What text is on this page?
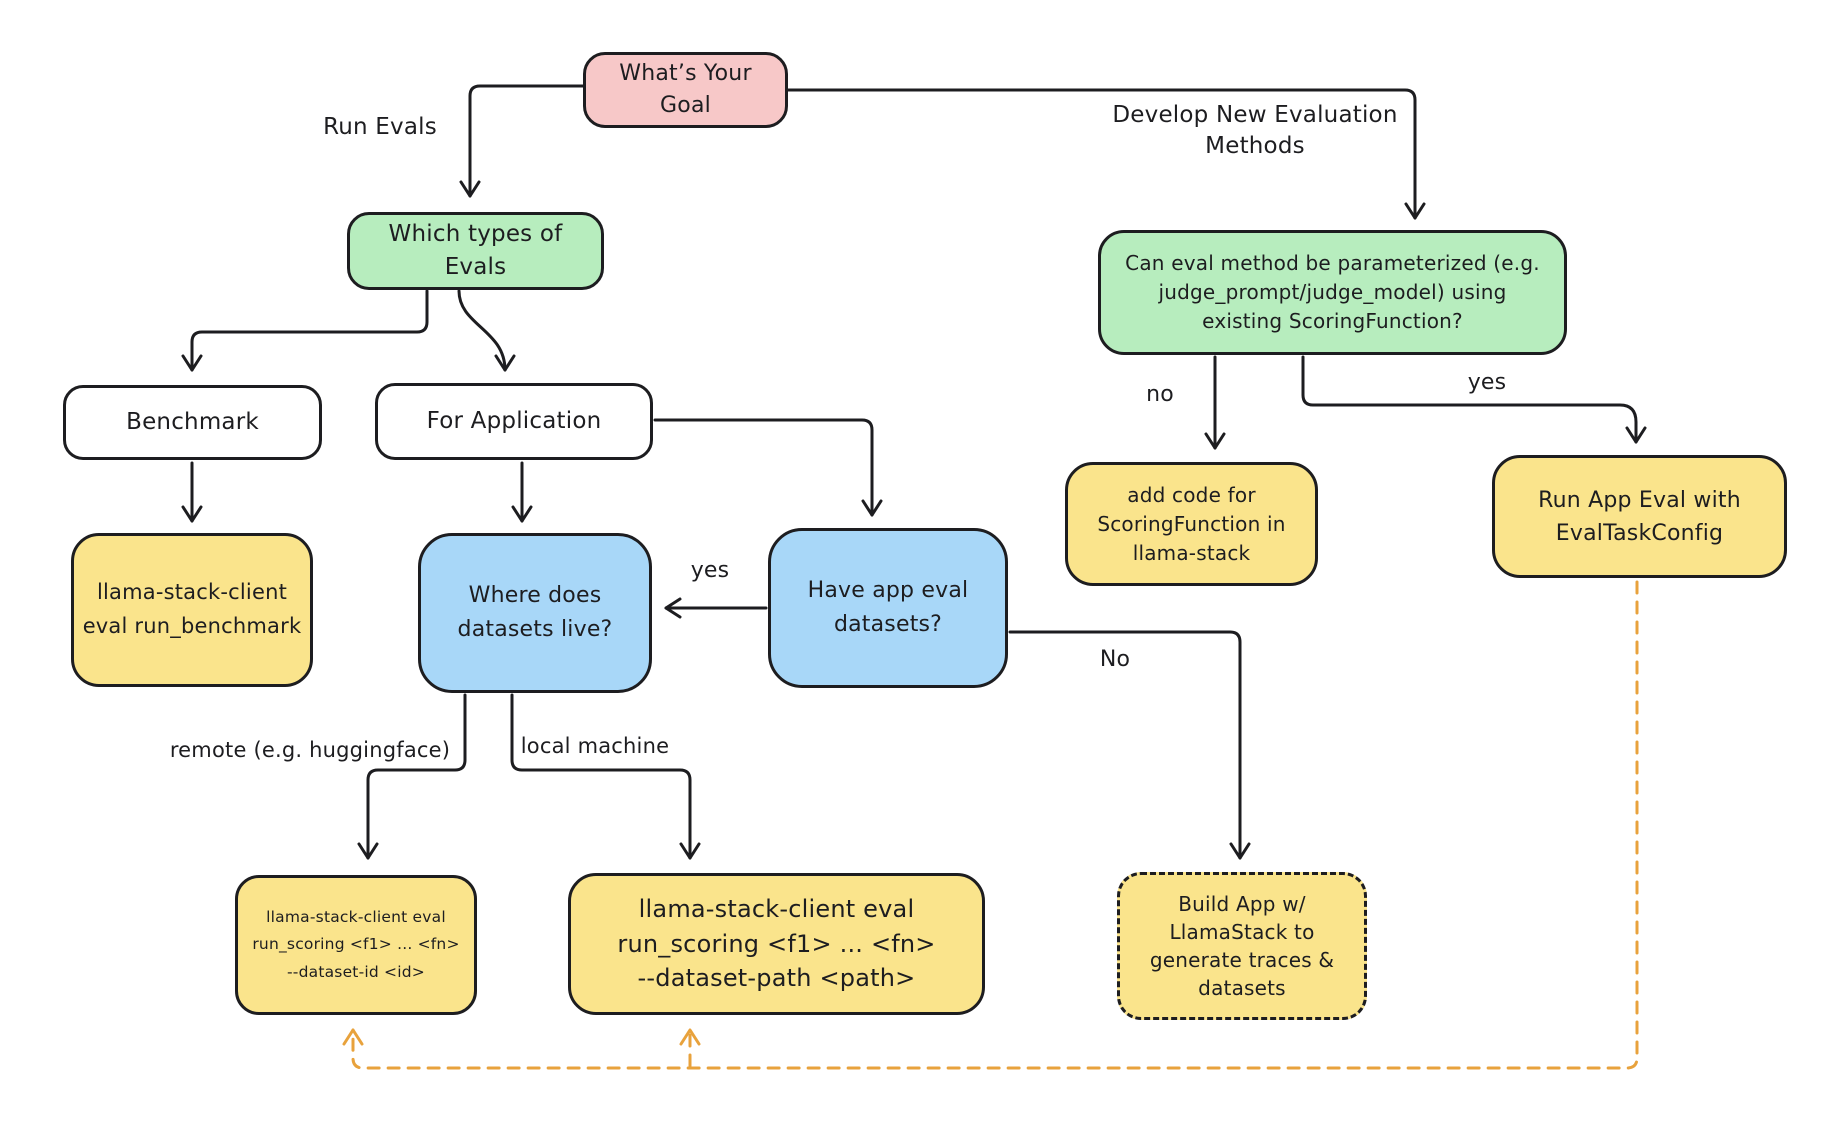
What’s Your
Goal
Which types of
Evals	Can eval method be parameterized (e.g.
judge_prompt/judge_model) using
existing ScoringFunction?
Benchmark	For Application
llama-stack-client
eval run_benchmark
Where does
datasets live?
Have app eval
datasets?
add code for
ScoringFunction in
llama-stack
Run App Eval with
EvalTaskConfig
llama-stack-client eval
run_scoring <f1> ... <fn>
--dataset-id <id>
llama-stack-client eval
run_scoring <f1> ... <fn>
--dataset-path <path>
Build App w/
LlamaStack to
generate traces &
datasets
Run Evals	Develop New Evaluation
Methods
no	yes
yes
No
remote (e.g. huggingface)	local machine
